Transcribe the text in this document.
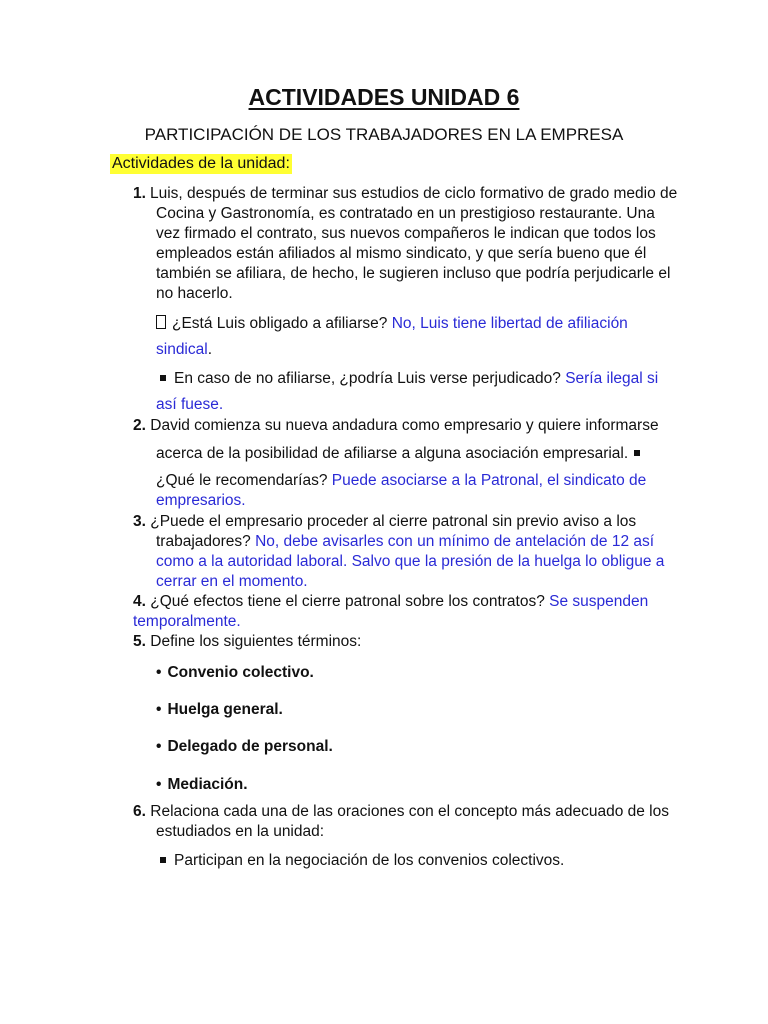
ACTIVIDADES UNIDAD 6
PARTICIPACIÓN DE LOS TRABAJADORES EN LA EMPRESA
Actividades de la unidad:
1. Luis, después de terminar sus estudios de ciclo formativo de grado medio de
Cocina y Gastronomía, es contratado en un prestigioso restaurante. Una
vez firmado el contrato, sus nuevos compañeros le indican que todos los
empleados están afiliados al mismo sindicato, y que sería bueno que él
también se afiliara, de hecho, le sugieren incluso que podría perjudicarle el
no hacerlo.
¿Está Luis obligado a afiliarse? No, Luis tiene libertad de afiliación
sindical.
En caso de no afiliarse, ¿podría Luis verse perjudicado? Sería ilegal si
así fuese.
2. David comienza su nueva andadura como empresario y quiere informarse
acerca de la posibilidad de afiliarse a alguna asociación empresarial.
¿Qué le recomendarías? Puede asociarse a la Patronal, el sindicato de
empresarios.
3. ¿Puede el empresario proceder al cierre patronal sin previo aviso a los
trabajadores? No, debe avisarles con un mínimo de antelación de 12 así
como a la autoridad laboral. Salvo que la presión de la huelga lo obligue a
cerrar en el momento.
4. ¿Qué efectos tiene el cierre patronal sobre los contratos? Se suspenden
temporalmente.
5. Define los siguientes términos:
• Convenio colectivo.
• Huelga general.
• Delegado de personal.
• Mediación.
6. Relaciona cada una de las oraciones con el concepto más adecuado de los
estudiados en la unidad:
Participan en la negociación de los convenios colectivos.
